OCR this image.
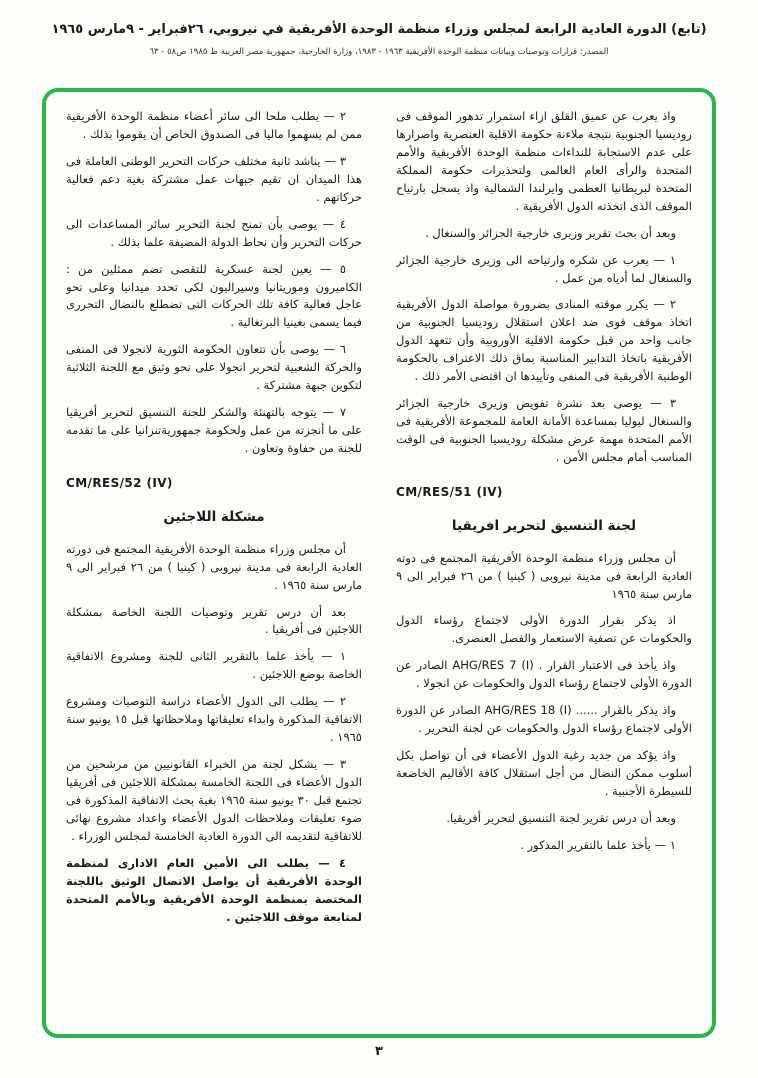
(تابع) الدورة العادية الرابعة لمجلس وزراء منظمة الوحدة الأفريقية في نيروبي، ٢٦فبراير - ٩مارس ١٩٦٥
المصدر: قرارات وتوصيات وبيانات منظمة الوحدة الأفريقية ١٩٦٣ - ١٩٨٣، وزارة الخارجية، جمهورية مصر العربية ط ١٩٨٥ ص٥٨ - ٦٣

واذ يعرب عن عميق القلق ازاء استمرار تدهور الموقف فى روديسيا الجنوبية نتيجة ملاءنة حكومة الاقلية العنصرية واصرارها على عدم الاستجابة للنداءات منظمة الوحدة الأفريقية والأمم المتحدة والرأى العام العالمى ولتحذيرات حكومة المملكة المتحدة لبريطانيا العظمى وايرلندا الشمالية واذ يسجل بارتياح الموقف الذى اتخذته الدول الأفريقية .

وبعد أن بحث تقرير وزيرى خارجية الجزائر والسنغال .

١ — يعرب عن شكره وارتياحه الى وزيرى خارجية الجزائر والسنغال لما أدياه من عمل .

٢ — يكرر موقته المنادى بضرورة مواصلة الدول الأفريقية اتخاذ موقف قوى ضد اعلان استقلال روديسيا الجنوبية من جانب واحد من قبل حكومة الاقلية الأوروبية وأن تتعهد الدول الأفريقية باتخاذ التدابير المناسبة بماق ذلك الاعتراف بالحكومة الوطنية الأفريقية فى المنفى وتأييدها ان اقتضى الأمر ذلك .

٣ — يوصى بعد نشرة تفويض وزيرى خارجية الجزائر والسنغال ليوليا بمساعدة الأمانة العامة للمجموعة الأفريقية فى الأمم المتحدة مهمة عرض مشكلة روديسيا الجنوبية فى الوقت المناسب أمام مجلس الأمن .

CM/RES/51 (IV)

لجنة التنسيق لتحرير افريقيا

أن مجلس وزراء منظمة الوحدة الأفريقية المجتمع فى دوته العادية الرابعة فى مدينة نيروبى ( كينيا ) من ٢٦ فبراير الى ٩ مارس سنة ١٩٦٥

اذ يذكر بقرار الدورة الأولى لاجتماع رؤساء الدول والحكومات عن تصفية الاستعمار والفصل العنصرى.

واذ يأخذ فى الاعتبار القرار . AHG/RES 7 (I) الصادر عن الدورة الأولى لاجتماع رؤساء الدول والحكومات عن انجولا .

واذ يذكر بالقرار ...... AHG/RES 18 (I) الصادر عن الدورة الأولى لاجتماع رؤساء الدول والحكومات عن لجنة التحرير .

واذ يؤكد من جديد رغبة الدول الأعضاء فى أن تواصل بكل أسلوب ممكن النضال من أجل استقلال كافة الأقاليم الخاضعة للسيطرة الأجنبية .

وبعد أن درس تقرير لجنة التنسيق لتحرير أفريقيا.

١ — يأخذ علما بالتقرير المذكور .

٢ — يطلب ملحا الى سائر أعضاء منظمة الوحدة الأفريقية ممن لم يسهموا ماليا فى الصندوق الخاص أن يقوموا بذلك .

٣ — يناشد ثانية مختلف حركات التحرير الوطنى العاملة فى هذا الميدان ان تقيم جبهات عمل مشتركة بغية دعم فعالية حركاتهم .

٤ — يوصى بأن تمنح لجنة التحرير سائر المساعدات الى حركات التحرير وأن نحاط الدولة المضيفة علما بذلك .

٥ — يعين لجنة عسكرية للتقصى تضم ممثلين من : الكاميرون وموريتانيا وسيراليون لكى تحدد ميدانيا وعلى نحو عاجل فعالية كافة تلك الحركات التى تضطلع بالنضال التحررى فيما يسمى بغينيا البرتغالية .

٦ — يوصى بأن تتعاون الحكومة الثورية لانجولا فى المنفى والحركة الشعبية لتحرير انجولا على نحو وثيق مع اللجنة الثلاثية لتكوين جبهة مشتركة .

٧ — يتوجه بالتهنئة والشكر للجنة التنسيق لتحرير أفريقيا على ما أنجزته من عمل ولحكومة جمهوريةتنزانيا على ما تقدمه للجنة من حفاوة وتعاون .

CM/RES/52 (IV)

مشكلة اللاجئين

أن مجلس وزراء منظمة الوحدة الأفريقية المجتمع فى دورته العادية الرابعة فى مدينة نيروبى ( كينيا ) من ٢٦ فبراير الى ٩ مارس سنة ١٩٦٥ .

بعد أن درس تقرير وتوصيات اللجنة الخاصة بمشكلة اللاجئين فى أفريقيا .

١ — يأخذ علما بالتقرير الثانى للجنة ومشروع الاتفاقية الخاصة بوضع اللاجئين .

٢ — يطلب الى الدول الأعضاء دراسة التوصيات ومشروع الاتفاقية المذكورة وابداء تعليقاتها وملاحظاتها قبل ١٥ يونيو سنة ١٩٦٥ .

٣ — يشكل لجنة من الخبراء القانونيين من مرشحين من الدول الأعضاء فى اللجنة الخامسة بمشكلة اللاجئين فى أفريقيا تجتمع قبل ٣٠ يونيو سنة ١٩٦٥ بغية بحث الاتفاقية المذكورة فى ضوء تعليقات وملاحظات الدول الأعضاء واعداد مشروع نهائى للاتفاقية لتقديمه الى الدورة العادية الخامسة لمجلس الوزراء .

٤ — يطلب الى الأمين العام الادارى لمنظمة الوحدة الأفريقية أن يواصل الاتصال الوثيق باللجنة المختصة بمنظمة الوحدة الأفريقية وبالأمم المتحدة لمتابعة موقف اللاجئين .

٣
